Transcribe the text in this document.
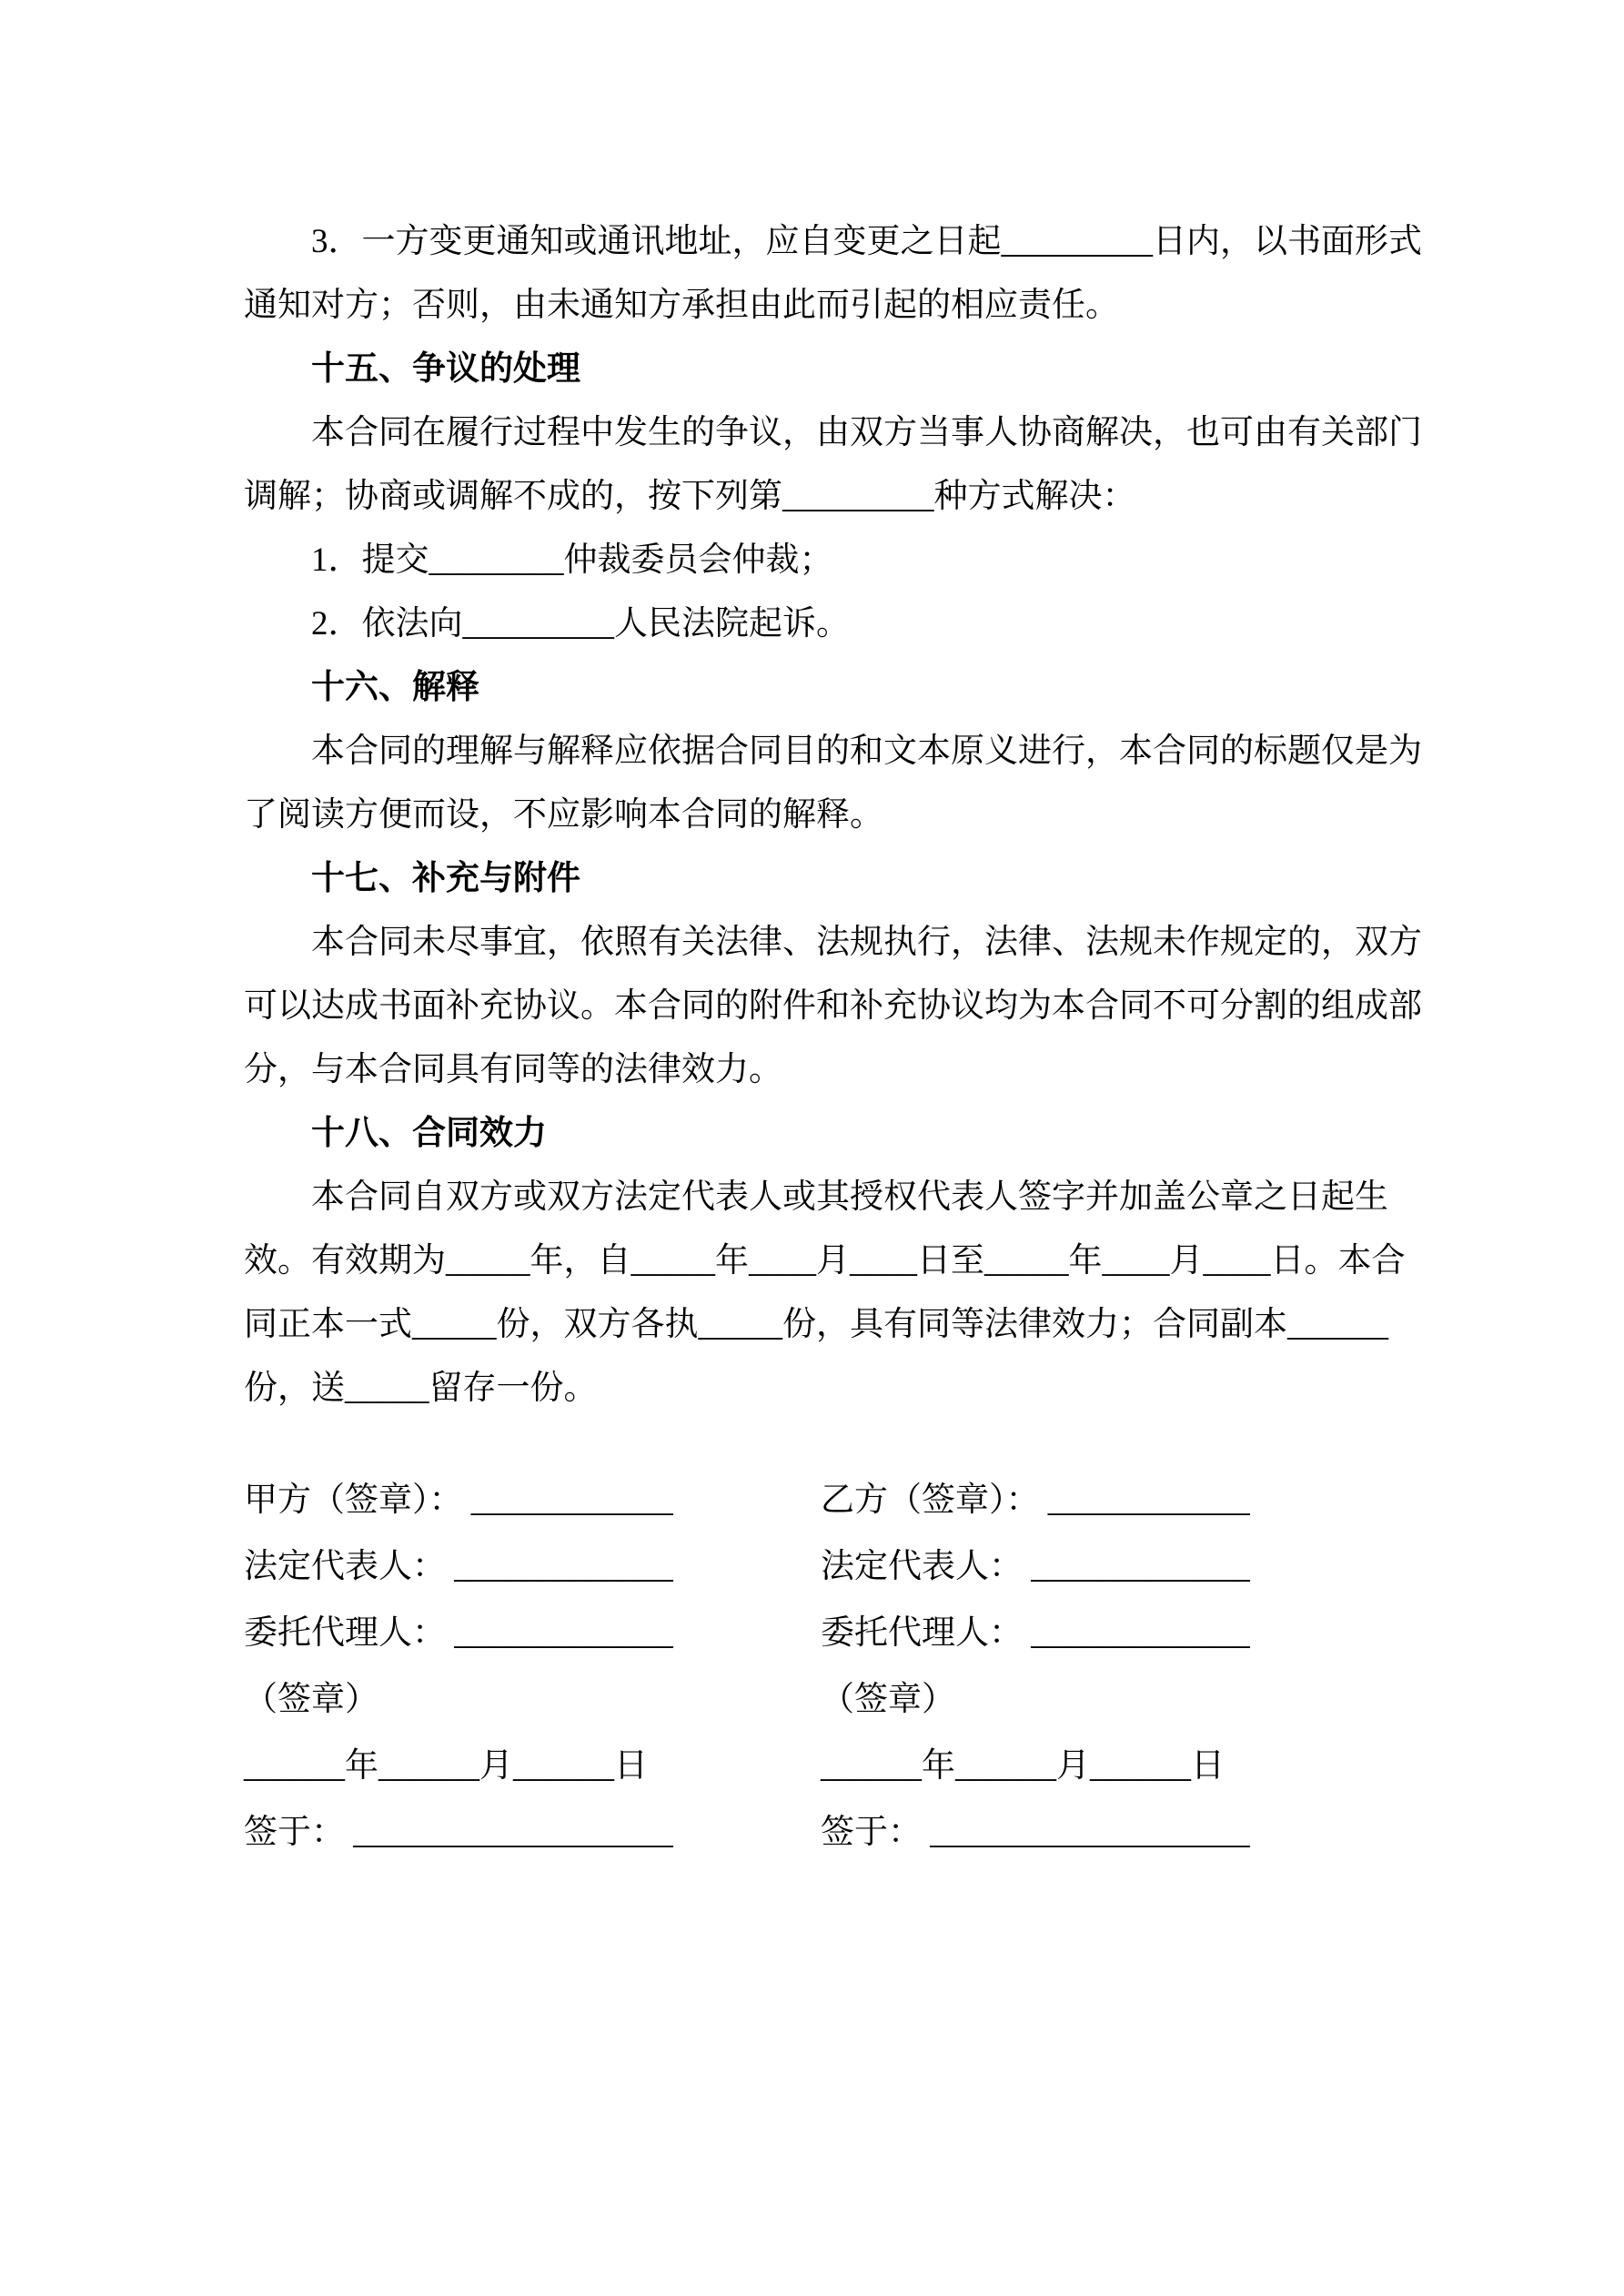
3．一方变更通知或通讯地址，应自变更之日起_________日内，以书面形式
通知对方；否则，由未通知方承担由此而引起的相应责任。
十五、争议的处理
本合同在履行过程中发生的争议，由双方当事人协商解决，也可由有关部门
调解；协商或调解不成的，按下列第_________种方式解决：
1．提交________仲裁委员会仲裁；
2．依法向_________人民法院起诉。
十六、解释
本合同的理解与解释应依据合同目的和文本原义进行，本合同的标题仅是为
了阅读方便而设，不应影响本合同的解释。
十七、补充与附件
本合同未尽事宜，依照有关法律、法规执行，法律、法规未作规定的，双方
可以达成书面补充协议。本合同的附件和补充协议均为本合同不可分割的组成部
分，与本合同具有同等的法律效力。
十八、合同效力
本合同自双方或双方法定代表人或其授权代表人签字并加盖公章之日起生
效。有效期为_____年，自_____年____月____日至_____年____月____日。本合
同正本一式_____份，双方各执_____份，具有同等法律效力；合同副本______
份，送_____留存一份。
甲方（签章）： ____________
法定代表人： _____________
委托代理人： _____________
（签章）
______年______月______日
签于： ___________________
乙方（签章）： ____________
法定代表人： _____________
委托代理人： _____________
（签章）
______年______月______日
签于： ___________________
